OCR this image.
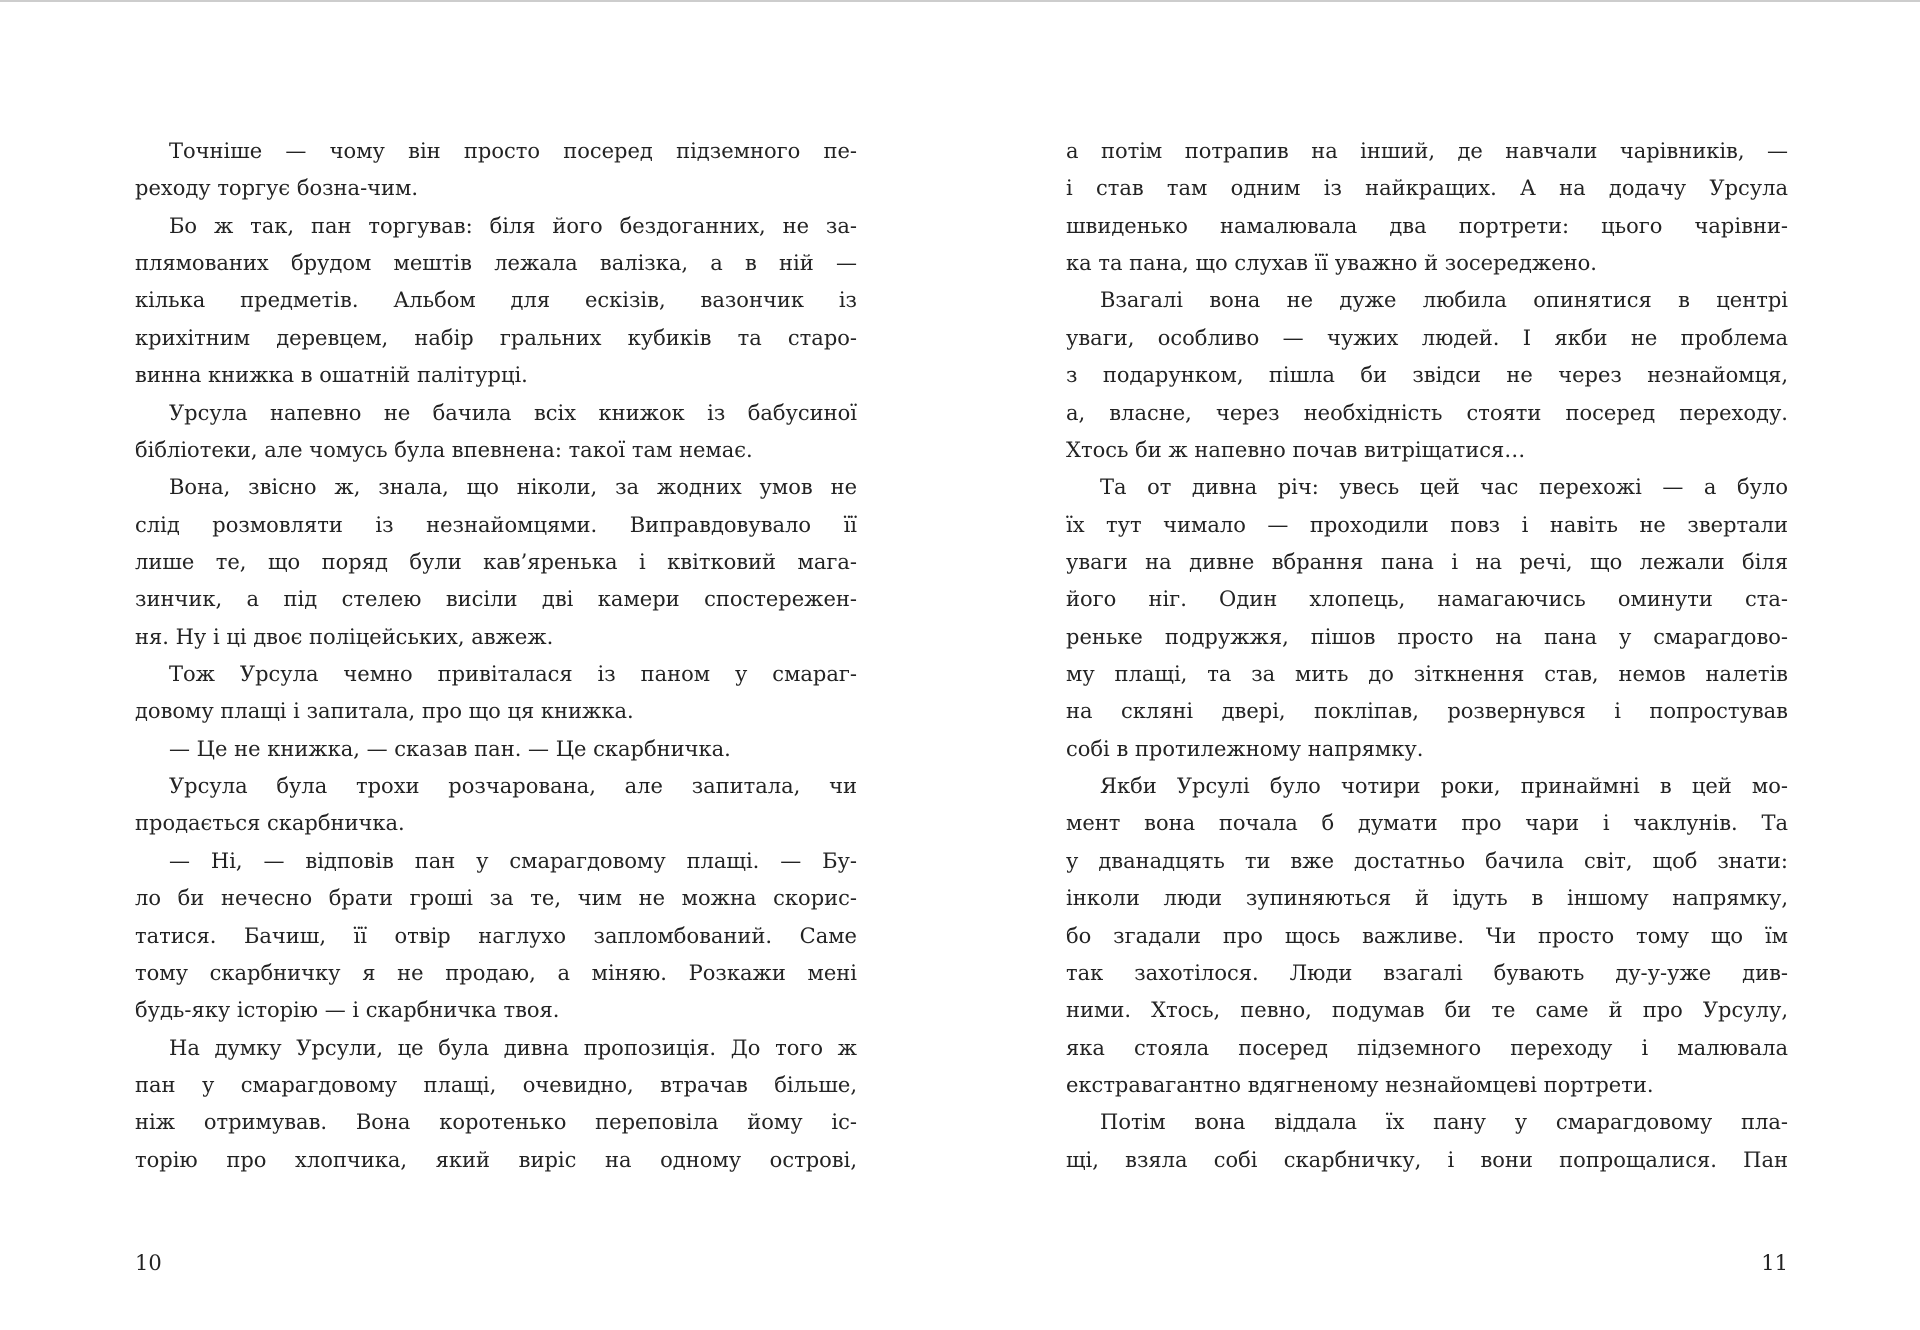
Точніше — чому він просто посеред підземного пе-
реходу торгує бозна-чим.
Бо ж так, пан торгував: біля його бездоганних, не за-
плямованих брудом мештів лежала валізка, а в ній —
кілька предметів. Альбом для ескізів, вазончик із
крихітним деревцем, набір гральних кубиків та старо-
винна книжка в ошатній палітурці.
Урсула напевно не бачила всіх книжок із бабусиної
бібліотеки, але чомусь була впевнена: такої там немає.
Вона, звісно ж, знала, що ніколи, за жодних умов не
слід розмовляти із незнайомцями. Виправдовувало її
лише те, що поряд були кав’яренька і квітковий мага-
зинчик, а під стелею висіли дві камери спостережен-
ня. Ну і ці двоє поліцейських, авжеж.
Тож Урсула чемно привіталася із паном у смараг-
довому плащі і запитала, про що ця книжка.
— Це не книжка, — сказав пан. — Це скарбничка.
Урсула була трохи розчарована, але запитала, чи
продається скарбничка.
— Ні, — відповів пан у смарагдовому плащі. — Бу-
ло би нечесно брати гроші за те, чим не можна скорис-
татися. Бачиш, її отвір наглухо запломбований. Саме
тому скарбничку я не продаю, а міняю. Розкажи мені
будь-яку історію — і скарбничка твоя.
На думку Урсули, це була дивна пропозиція. До того ж
пан у смарагдовому плащі, очевидно, втрачав більше,
ніж отримував. Вона коротенько переповіла йому іс-
торію про хлопчика, який виріс на одному острові,
10
а потім потрапив на інший, де навчали чарівників, —
і став там одним із найкращих. А на додачу Урсула
швиденько намалювала два портрети: цього чарівни-
ка та пана, що слухав її уважно й зосереджено.
Взагалі вона не дуже любила опинятися в центрі
уваги, особливо — чужих людей. І якби не проблема
з подарунком, пішла би звідси не через незнайомця,
а, власне, через необхідність стояти посеред переходу.
Хтось би ж напевно почав витріщатися…
Та от дивна річ: увесь цей час перехожі — а було
їх тут чимало — проходили повз і навіть не звертали
уваги на дивне вбрання пана і на речі, що лежали біля
його ніг. Один хлопець, намагаючись оминути ста-
реньке подружжя, пішов просто на пана у смарагдово-
му плащі, та за мить до зіткнення став, немов налетів
на скляні двері, покліпав, розвернувся і попростував
собі в протилежному напрямку.
Якби Урсулі було чотири роки, принаймні в цей мо-
мент вона почала б думати про чари і чаклунів. Та
у дванадцять ти вже достатньо бачила світ, щоб знати:
інколи люди зупиняються й ідуть в іншому напрямку,
бо згадали про щось важливе. Чи просто тому що їм
так захотілося. Люди взагалі бувають ду-у-уже див-
ними. Хтось, певно, подумав би те саме й про Урсулу,
яка стояла посеред підземного переходу і малювала
екстравагантно вдягненому незнайомцеві портрети.
Потім вона віддала їх пану у смарагдовому пла-
щі, взяла собі скарбничку, і вони попрощалися. Пан
11
